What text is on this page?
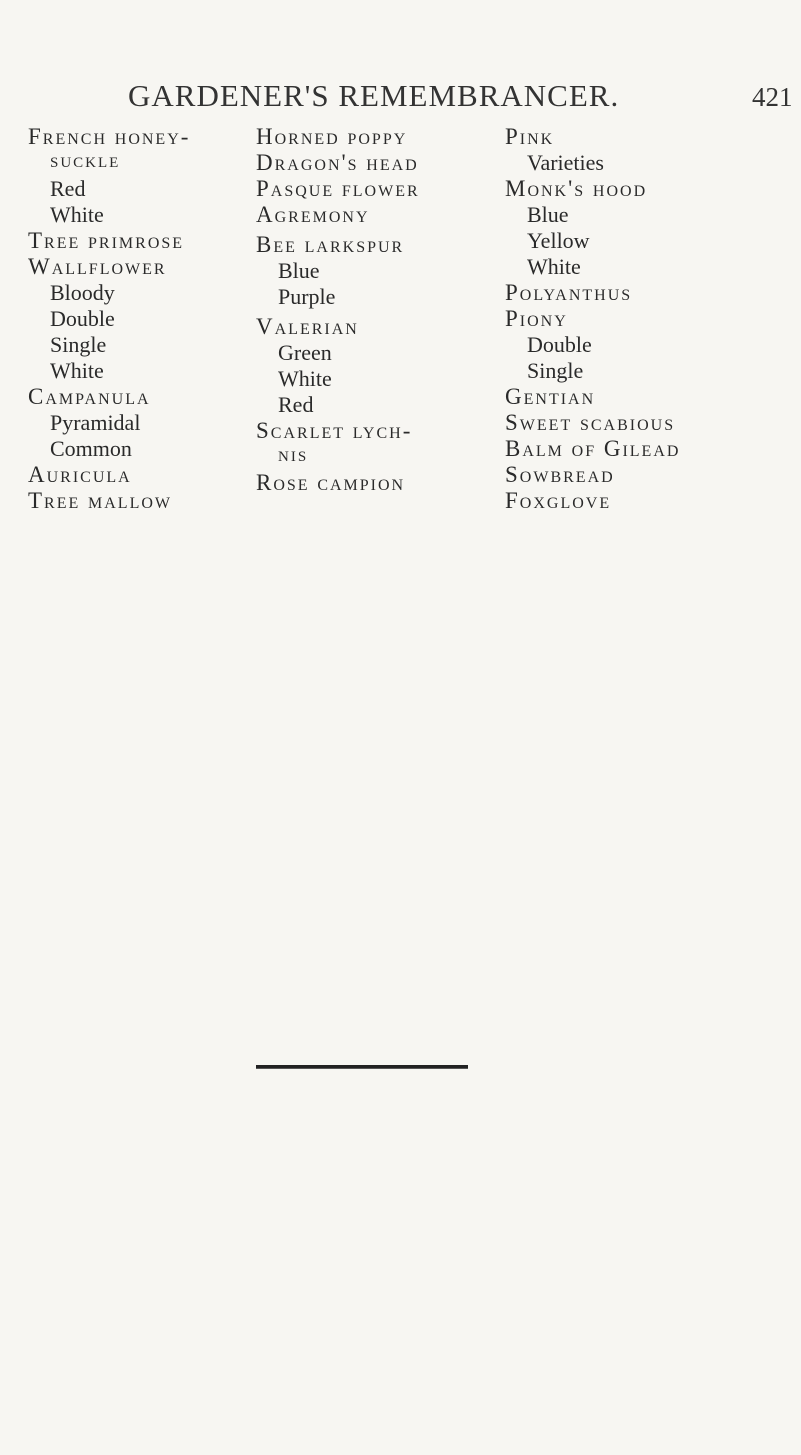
GARDENER'S REMEMBRANCER.	421
French honey-
SUCKLE
Red
White
Tree primrose
Wallflower
Bloody
Double
Single
White
Campanula
Pyramidal
Common
Auricula
Tree mallow
Horned poppy
Dragon's head
Pasque flower
Agremony
Bee larkspur
Blue
Purple
Valerian
Green
White
Red
Scarlet lych-
NIS
Rose campion
Pink
Varieties
Monk's hood
Blue
Yellow
White
Polyanthus
Piony
Double
Single
Gentian
Sweet scabious
Balm of Gilead
Sowbread
Foxglove
